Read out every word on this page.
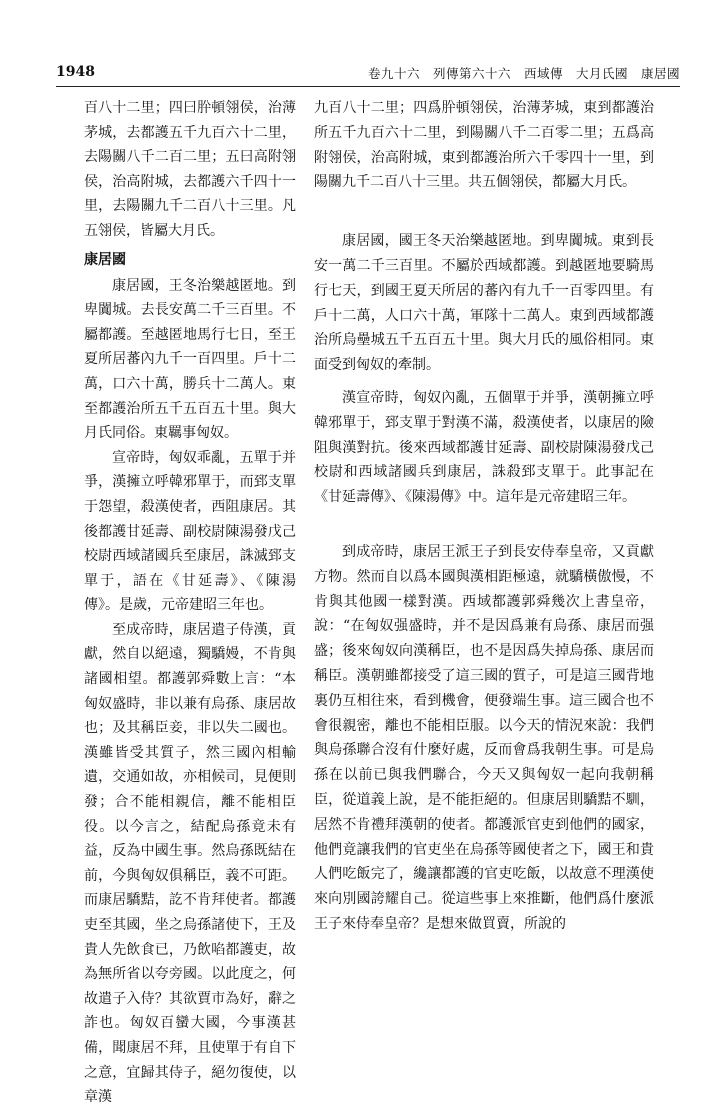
1948	卷九十六　列傳第六十六　西域傳　大月氏國　康居國

百八十二里；四曰肸頓翎侯，治薄茅城，去都護五千九百六十二里，去陽關八千二百二里；五曰高附翎侯，治高附城，去都護六千四十一里，去陽關九千二百八十三里。凡五翎侯，皆屬大月氏。

康居國

康居國，王冬治樂越匿地。到卑闐城。去長安萬二千三百里。不屬都護。至越匿地馬行七日，至王夏所居蕃內九千一百四里。戶十二萬，口六十萬，勝兵十二萬人。東至都護治所五千五百五十里。與大月氏同俗。東羈事匈奴。

宣帝時，匈奴乖亂，五單于并爭，漢擁立呼韓邪單于，而郅支單于怨望，殺漢使者，西阻康居。其後都護甘延壽、副校尉陳湯發戊己校尉西域諸國兵至康居，誅滅郅支單于，語在《甘延壽》、《陳湯傳》。是歲，元帝建昭三年也。

至成帝時，康居遣子侍漢，貢獻，然自以絕遠，獨驕嫚，不肯與諸國相望。都護郭舜數上言：“本匈奴盛時，非以兼有烏孫、康居故也；及其稱臣妾，非以失二國也。漢雖皆受其質子，然三國內相輸遺，交通如故，亦相候司，見便則發；合不能相親信，離不能相臣役。以今言之，結配烏孫竟未有益，反為中國生事。然烏孫既結在前，今與匈奴俱稱臣，義不可距。而康居驕黠，訖不肯拜使者。都護吏至其國，坐之烏孫諸使下，王及貴人先飲食已，乃飲啗都護吏，故為無所省以夸旁國。以此度之，何故遣子入侍？其欲賈市為好，辭之詐也。匈奴百蠻大國，今事漢甚備，聞康居不拜，且使單于有自下之意，宜歸其侍子，絕勿復使，以章漢

九百八十二里；四爲肸頓翎侯，治薄茅城，東到都護治所五千九百六十二里，到陽關八千二百零二里；五爲高附翎侯，治高附城，東到都護治所六千零四十一里，到陽關九千二百八十三里。共五個翎侯，都屬大月氏。

康居國，國王冬天治樂越匿地。到卑闐城。東到長安一萬二千三百里。不屬於西域都護。到越匿地要騎馬行七天，到國王夏天所居的蕃內有九千一百零四里。有戶十二萬，人口六十萬，軍隊十二萬人。東到西域都護治所烏壘城五千五百五十里。與大月氏的風俗相同。東面受到匈奴的牽制。

漢宣帝時，匈奴內亂，五個單于并爭，漢朝擁立呼韓邪單于，郅支單于對漢不滿，殺漢使者，以康居的險阻與漢對抗。後來西域都護甘延壽、副校尉陳湯發戊己校尉和西域諸國兵到康居，誅殺郅支單于。此事記在《甘延壽傳》、《陳湯傳》中。這年是元帝建昭三年。

到成帝時，康居王派王子到長安侍奉皇帝，又貢獻方物。然而自以爲本國與漢相距極遠，就驕橫傲慢，不肯與其他國一樣對漢。西域都護郭舜幾次上書皇帝，說：“在匈奴强盛時，并不是因爲兼有烏孫、康居而强盛；後來匈奴向漢稱臣，也不是因爲失掉烏孫、康居而稱臣。漢朝雖都接受了這三國的質子，可是這三國背地裏仍互相往來，看到機會，便發端生事。這三國合也不會很親密，離也不能相臣服。以今天的情況來說：我們與烏孫聯合沒有什麼好處，反而會爲我朝生事。可是烏孫在以前已與我們聯合，今天又與匈奴一起向我朝稱臣，從道義上說，是不能拒絕的。但康居則驕黠不馴，居然不肯禮拜漢朝的使者。都護派官吏到他們的國家，他們竟讓我們的官吏坐在烏孫等國使者之下，國王和貴人們吃飯完了，纔讓都護的官吏吃飯，以故意不理漢使來向別國誇耀自己。從這些事上來推斷，他們爲什麼派王子來侍奉皇帝？是想來做買賣，所說的
